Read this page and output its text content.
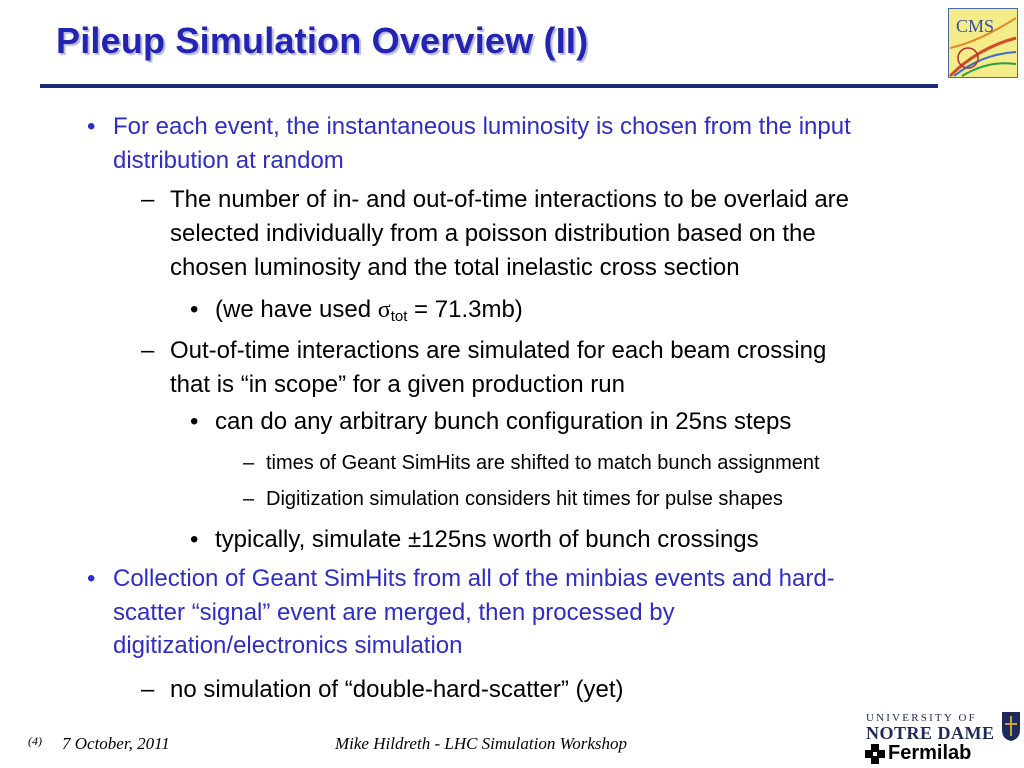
Pileup Simulation Overview (II)	CMS
• For each event, the instantaneous luminosity is chosen from the input
distribution at random
– The number of in- and out-of-time interactions to be overlaid are
selected individually from a poisson distribution based on the
chosen luminosity and the total inelastic cross section
• (we have used $\sigma_{tot} = 71.3mb$)
– Out-of-time interactions are simulated for each beam crossing
that is “in scope” for a given production run
• can do any arbitrary bunch configuration in 25ns steps
– times of Geant SimHits are shifted to match bunch assignment
– Digitization simulation considers hit times for pulse shapes
• typically, simulate ±125ns worth of bunch crossings
• Collection of Geant SimHits from all of the minbias events and hard-
scatter “signal” event are merged, then processed by
digitization/electronics simulation
– no simulation of “double-hard-scatter” (yet)
(4) 7 October, 2011	Mike Hildreth - LHC Simulation Workshop
UNIVERSITY OF
NOTRE DAME
Fermilab
